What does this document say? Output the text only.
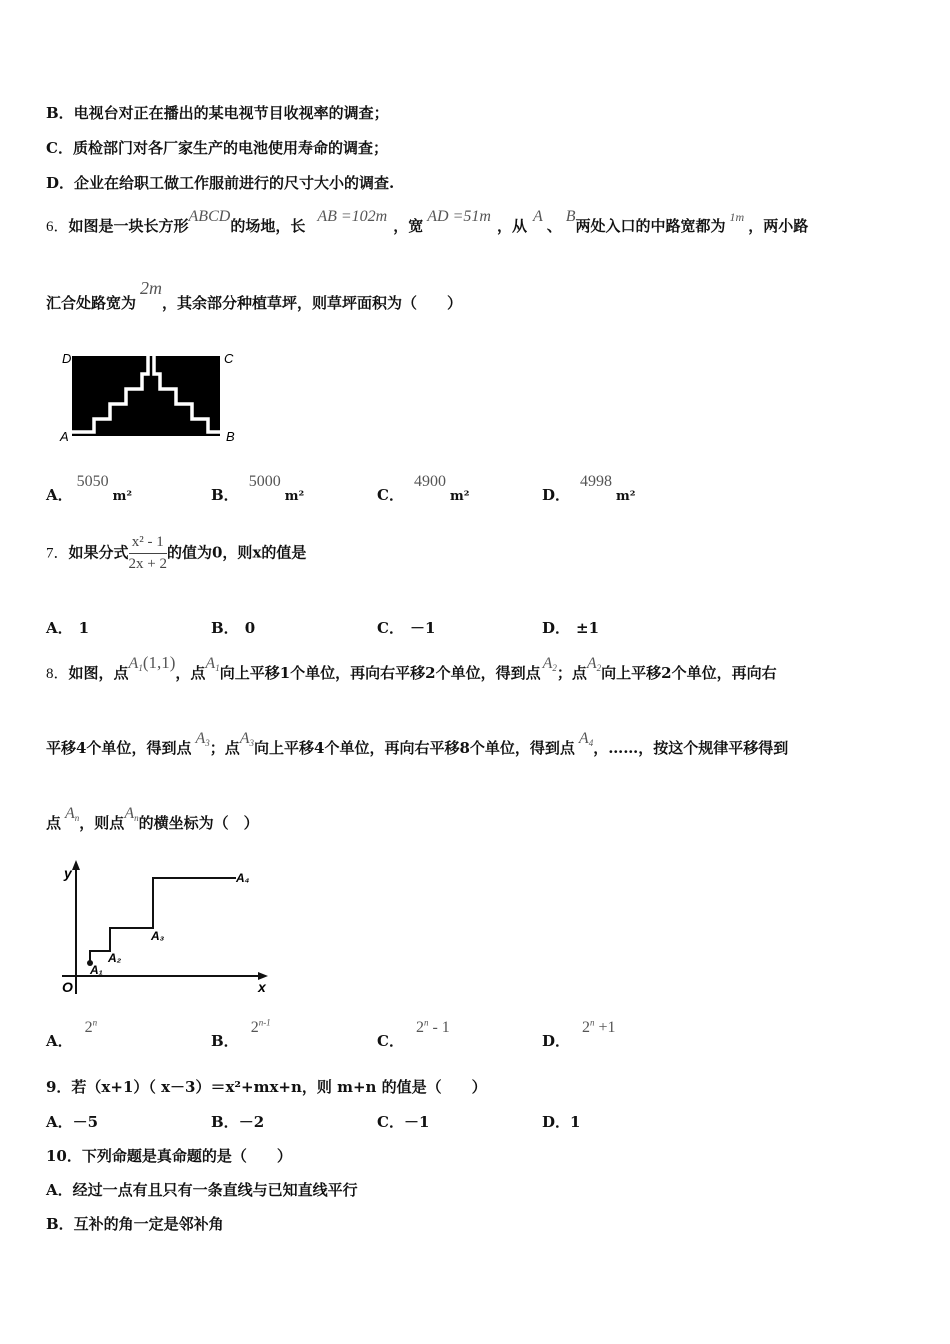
B．电视台对正在播出的某电视节目收视率的调查；
C．质检部门对各厂家生产的电池使用寿命的调查；
D．企业在给职工做工作服前进行的尺寸大小的调查.
6．如图是一块长方形ABCD的场地，长AB =102m，宽AD =51m，从A、B两处入口的中路宽都为 $^{1m}$ ，两小路
汇合处路宽为2m，其余部分种植草坪，则草坪面积为（　　）
D	C
A	B
A．5050m²	B．5000m²	C．4900m²	D．4998m²
7．如果分式 $\frac{\text{x² - 1}}{2x + 2}$ 的值为0，则x的值是
A． 1	B． 0	C． －1	D． ±1
8．如图，点A1(1,1)，点A1向上平移1个单位，再向右平移2个单位，得到点A2；点A2向上平移2个单位，再向右
平移4个单位，得到点A3；点A3向上平移4个单位，再向右平移8个单位，得到点A4，……，按这个规律平移得到
点An，则点An的横坐标为（　）
y
x
O
A₁
A₂
A₃
A₄
A．2$^n$
B．2$^{n-1}$
C．2$^n$ - 1
D．$2^n +1$
9．若（x+1）（ x－3）＝x²+mx+n，则 m+n 的值是（　　）
A．－5	B．－2	C．－1	D．1
10．下列命题是真命题的是（　　）
A．经过一点有且只有一条直线与已知直线平行
B．互补的角一定是邻补角
